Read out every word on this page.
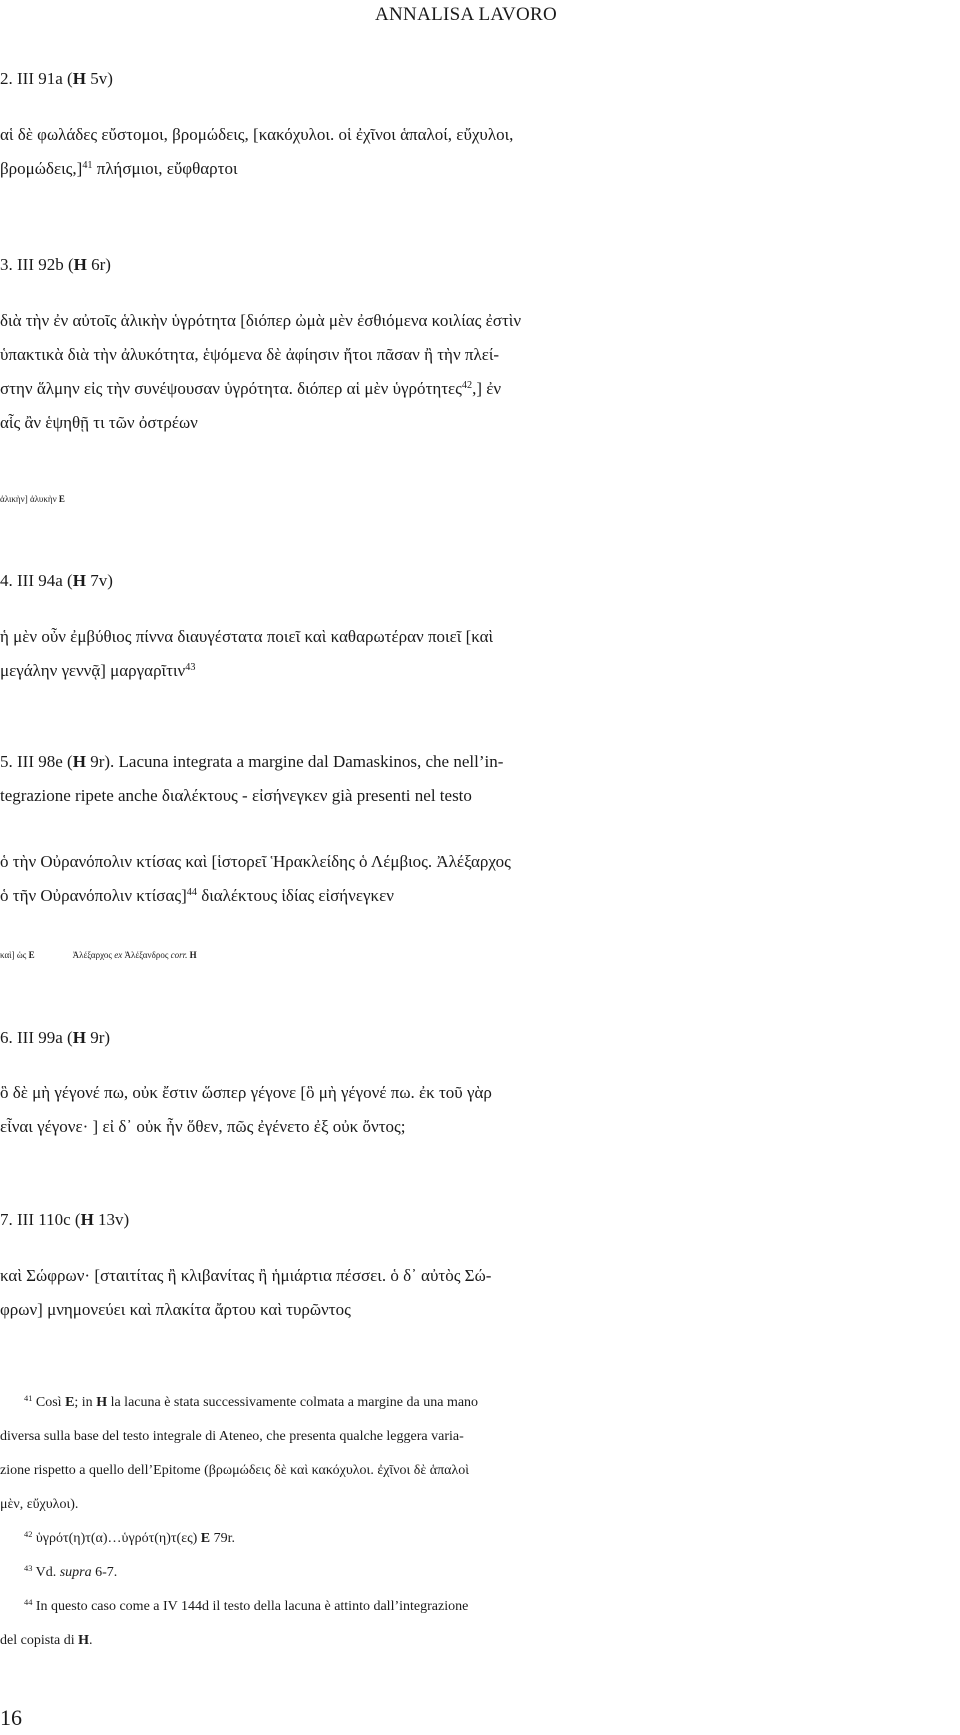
ANNALISA LAVORO
2. III 91a (H 5v)
αἱ δὲ φωλάδες εὔστομοι, βρομώδεις, [κακόχυλοι. οἱ ἐχῖνοι ἁπαλοί, εὔχυλοι,
βρομώδεις,]$^{41}$ πλήσμιοι, εὔφθαρτοι
3. III 92b (H 6r)
διὰ τὴν ἐν αὐτοῖς ἁλικὴν ὑγρότητα [διόπερ ὠμὰ μὲν ἐσθιόμενα κοιλίας ἐστὶν
ὑπακτικὰ διὰ τὴν ἀλυκότητα, ἑψόμενα δὲ ἀφίησιν ἤτοι πᾶσαν ἢ τὴν πλεί-
στην ἅλμην εἰς τὴν συνέψουσαν ὑγρότητα. διόπερ αἱ μὲν ὑγρότητες$^{42}$,] ἐν
αἷς ἂν ἑψηθῇ τι τῶν ὀστρέων
ἁλικὴν] ἁλυκὴν E
4. III 94a (H 7v)
ἡ μὲν οὖν ἐμβύθιος πίννα διαυγέστατα ποιεῖ καὶ καθαρωτέραν ποιεῖ [καὶ
μεγάλην γεννᾷ] μαργαρῖτιν$^{43}$
5. III 98e (H 9r). Lacuna integrata a margine dal Damaskinos, che nell’in-
tegrazione ripete anche διαλέκτους - εἰσήνεγκεν già presenti nel testo
ὁ τὴν Οὐρανόπολιν κτίσας καὶ [ἱστορεῖ Ἡρακλείδης ὁ Λέμβιος. Ἀλέξαρχος
ὁ τῆν Οὐρανόπολιν κτίσας]$^{44}$ διαλέκτους ἰδίας εἰσήνεγκεν
καὶ] ὡς E	Ἀλέξαρχος ex Ἀλέξανδρος corr. H
6. III 99a (H 9r)
ὃ δὲ μὴ γέγονέ πω, οὐκ ἔστιν ὥσπερ γέγονε [ὃ μὴ γέγονέ πω. ἐκ τοῦ γὰρ
εἶναι γέγονε· ] εἰ δ᾽ οὐκ ἦν ὅθεν, πῶς ἐγένετο ἐξ οὐκ ὄντος;
7. III 110c (H 13v)
καὶ Σώφρων· [σταιτίτας ἢ κλιβανίτας ἢ ἡμιάρτια πέσσει. ὁ δ᾽ αὐτὸς Σώ-
φρων] μνημονεύει καὶ πλακίτα ἄρτου καὶ τυρῶντος
$^{41}$ Così E; in H la lacuna è stata successivamente colmata a margine da una mano
diversa sulla base del testo integrale di Ateneo, che presenta qualche leggera varia-
zione rispetto a quello dell’Epitome (βρωμώδεις δὲ καὶ κακόχυλοι. ἐχῖνοι δὲ ἁπαλοὶ
μὲν, εὔχυλοι).
$^{42}$ ὑγρότ(η)τ(α)…ὑγρότ(η)τ(ες) E 79r.
$^{43}$ Vd. supra 6-7.
$^{44}$ In questo caso come a IV 144d il testo della lacuna è attinto dall’integrazione
del copista di H.
16
